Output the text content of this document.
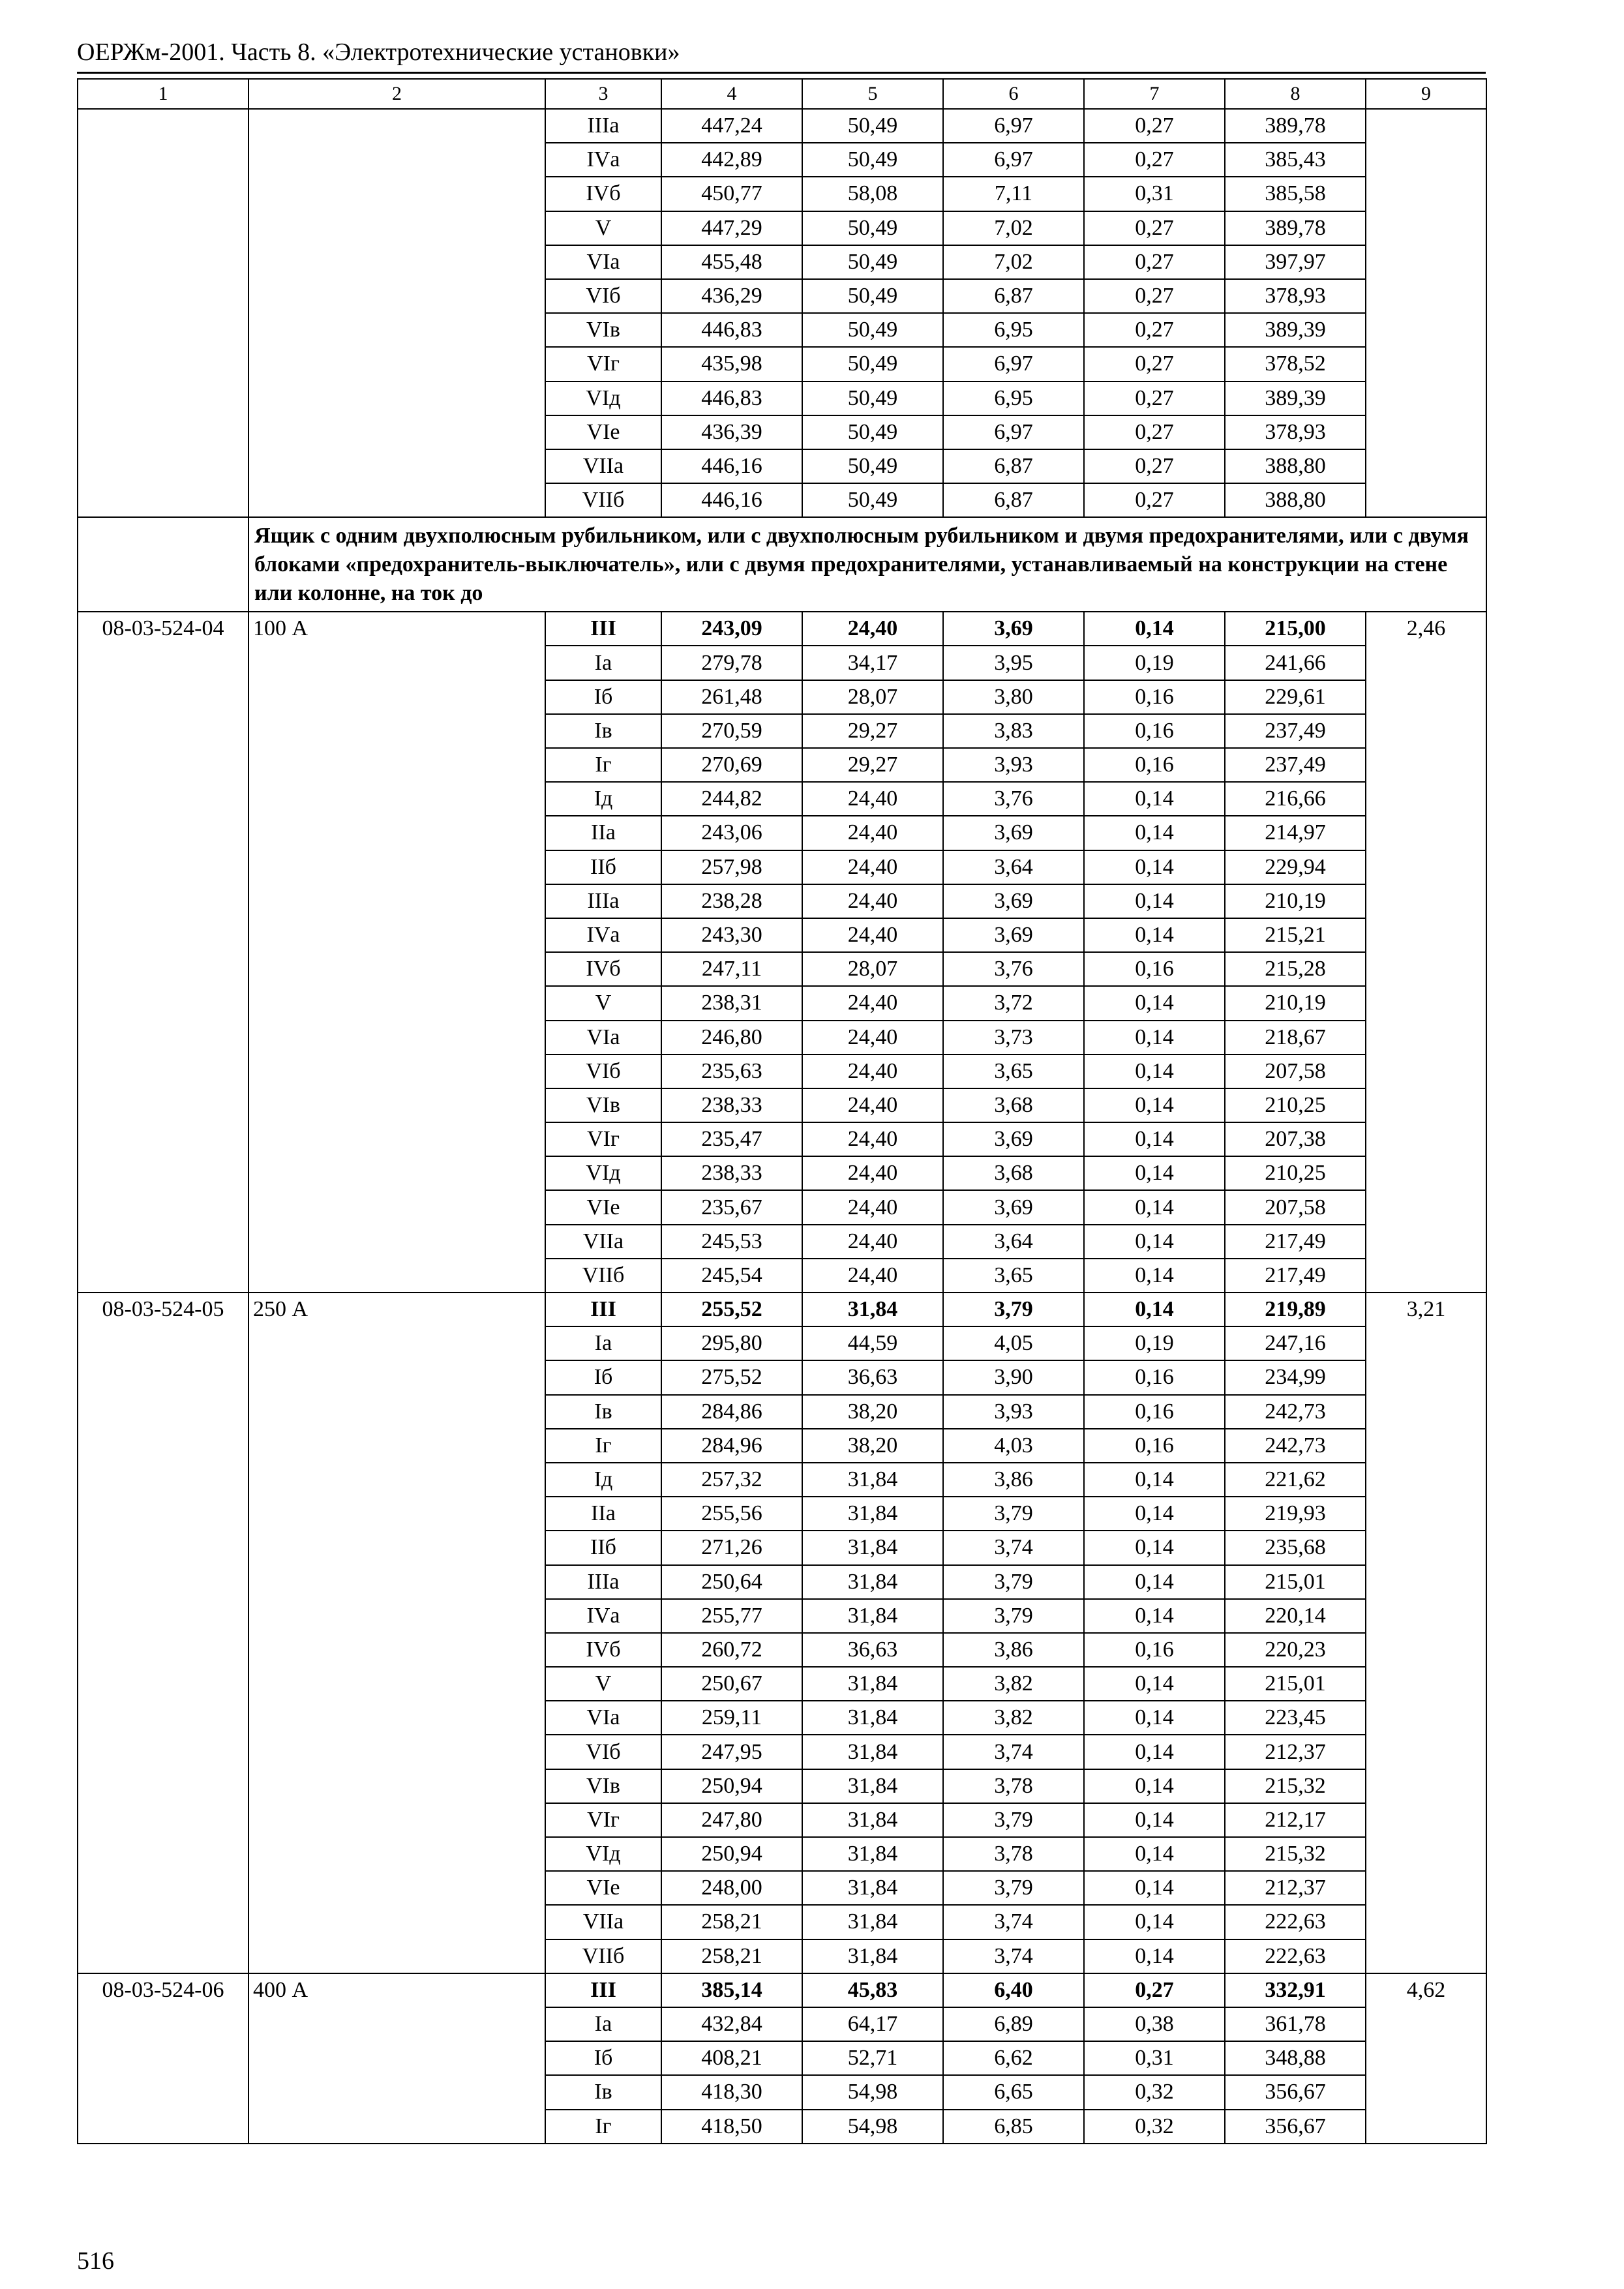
ОЕРЖм-2001. Часть 8. «Электротехнические установки»
1	2	3	4	5	6	7	8	9
		IIIа	447,24	50,49	6,97	0,27	389,78	
		IVа	442,89	50,49	6,97	0,27	385,43	
		IVб	450,77	58,08	7,11	0,31	385,58	
		V	447,29	50,49	7,02	0,27	389,78	
		VIа	455,48	50,49	7,02	0,27	397,97	
		VIб	436,29	50,49	6,87	0,27	378,93	
		VIв	446,83	50,49	6,95	0,27	389,39	
		VIг	435,98	50,49	6,97	0,27	378,52	
		VIд	446,83	50,49	6,95	0,27	389,39	
		VIе	436,39	50,49	6,97	0,27	378,93	
		VIIа	446,16	50,49	6,87	0,27	388,80	
		VIIб	446,16	50,49	6,87	0,27	388,80	
	Ящик с одним двухполюсным рубильником, или с двухполюсным рубильником и двумя предохранителями, или с двумя блоками «предохранитель-выключатель», или с двумя предохранителями, устанавливаемый на конструкции на стене или колонне, на ток до							
08-03-524-04	100 А	III	243,09	24,40	3,69	0,14	215,00	2,46
		Iа	279,78	34,17	3,95	0,19	241,66	
		Iб	261,48	28,07	3,80	0,16	229,61	
		Iв	270,59	29,27	3,83	0,16	237,49	
		Iг	270,69	29,27	3,93	0,16	237,49	
		Iд	244,82	24,40	3,76	0,14	216,66	
		IIа	243,06	24,40	3,69	0,14	214,97	
		IIб	257,98	24,40	3,64	0,14	229,94	
		IIIа	238,28	24,40	3,69	0,14	210,19	
		IVа	243,30	24,40	3,69	0,14	215,21	
		IVб	247,11	28,07	3,76	0,16	215,28	
		V	238,31	24,40	3,72	0,14	210,19	
		VIа	246,80	24,40	3,73	0,14	218,67	
		VIб	235,63	24,40	3,65	0,14	207,58	
		VIв	238,33	24,40	3,68	0,14	210,25	
		VIг	235,47	24,40	3,69	0,14	207,38	
		VIд	238,33	24,40	3,68	0,14	210,25	
		VIе	235,67	24,40	3,69	0,14	207,58	
		VIIа	245,53	24,40	3,64	0,14	217,49	
		VIIб	245,54	24,40	3,65	0,14	217,49	
08-03-524-05	250 А	III	255,52	31,84	3,79	0,14	219,89	3,21
		Iа	295,80	44,59	4,05	0,19	247,16	
		Iб	275,52	36,63	3,90	0,16	234,99	
		Iв	284,86	38,20	3,93	0,16	242,73	
		Iг	284,96	38,20	4,03	0,16	242,73	
		Iд	257,32	31,84	3,86	0,14	221,62	
		IIа	255,56	31,84	3,79	0,14	219,93	
		IIб	271,26	31,84	3,74	0,14	235,68	
		IIIа	250,64	31,84	3,79	0,14	215,01	
		IVа	255,77	31,84	3,79	0,14	220,14	
		IVб	260,72	36,63	3,86	0,16	220,23	
		V	250,67	31,84	3,82	0,14	215,01	
		VIа	259,11	31,84	3,82	0,14	223,45	
		VIб	247,95	31,84	3,74	0,14	212,37	
		VIв	250,94	31,84	3,78	0,14	215,32	
		VIг	247,80	31,84	3,79	0,14	212,17	
		VIд	250,94	31,84	3,78	0,14	215,32	
		VIе	248,00	31,84	3,79	0,14	212,37	
		VIIа	258,21	31,84	3,74	0,14	222,63	
		VIIб	258,21	31,84	3,74	0,14	222,63	
08-03-524-06	400 А	III	385,14	45,83	6,40	0,27	332,91	4,62
		Iа	432,84	64,17	6,89	0,38	361,78	
		Iб	408,21	52,71	6,62	0,31	348,88	
		Iв	418,30	54,98	6,65	0,32	356,67	
		Iг	418,50	54,98	6,85	0,32	356,67	
516
